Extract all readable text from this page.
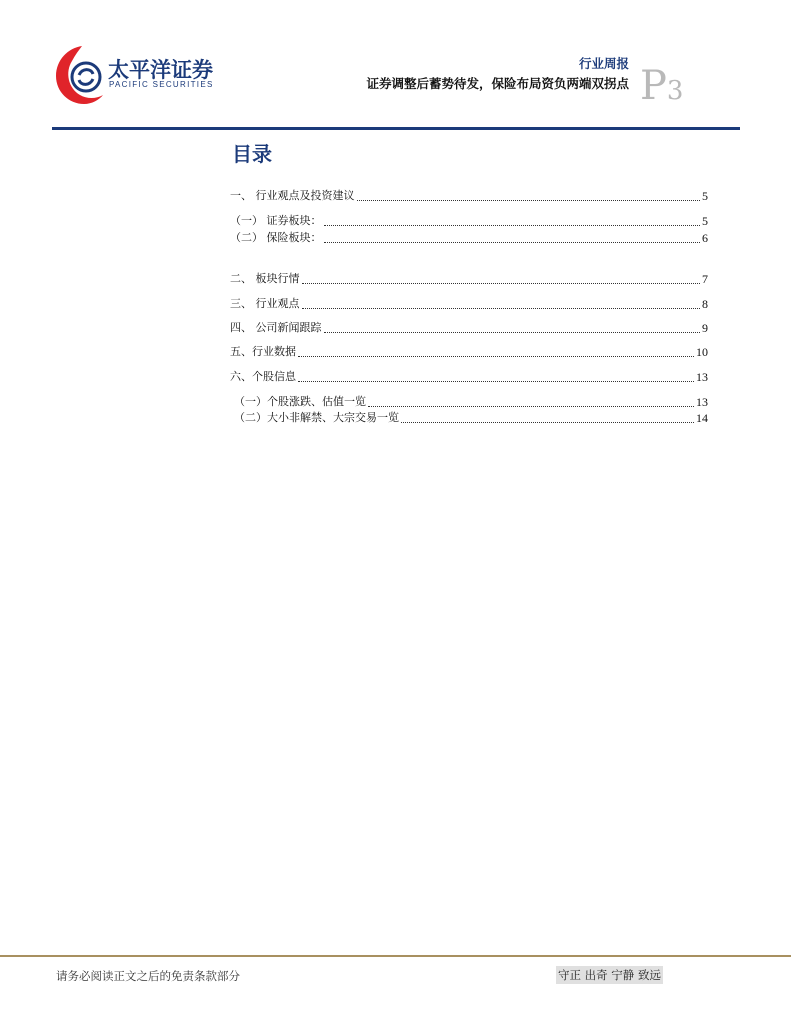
太平洋证券
PACIFIC SECURITIES
行业周报
证券调整后蓄势待发，保险布局资负两端双拐点 P3
目录
一、 行业观点及投资建议	5
（一） 证券板块：	5
（二） 保险板块：	6
二、 板块行情	7
三、 行业观点	8
四、 公司新闻跟踪	9
五、行业数据	10
六、个股信息	13
（一）个股涨跌、估值一览	13
（二）大小非解禁、大宗交易一览	14
请务必阅读正文之后的免责条款部分	守正 出奇 宁静 致远
